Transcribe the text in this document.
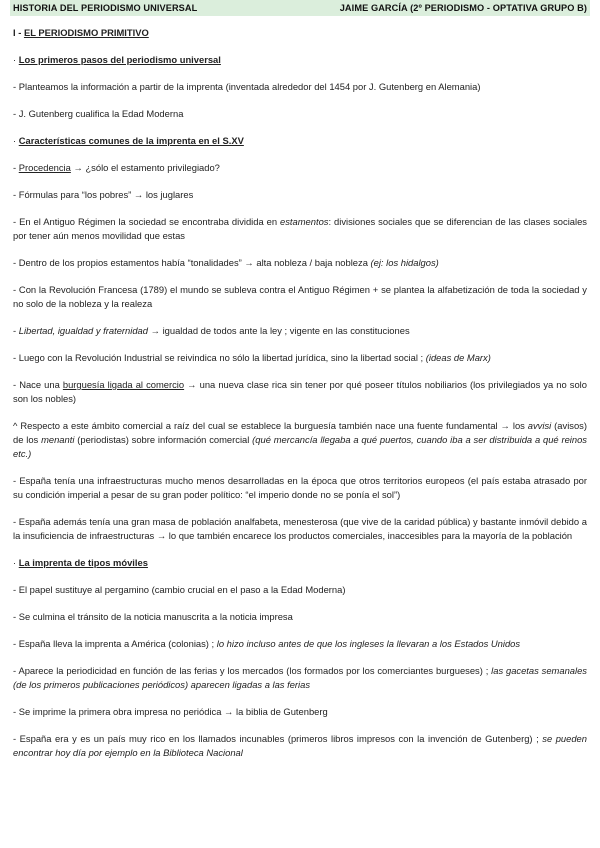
HISTORIA DEL PERIODISMO UNIVERSAL	JAIME GARCÍA (2º PERIODISMO - OPTATIVA GRUPO B)
I - EL PERIODISMO PRIMITIVO
· Los primeros pasos del periodismo universal
- Planteamos la información a partir de la imprenta (inventada alrededor del 1454 por J. Gutenberg en Alemania)
- J. Gutenberg cualifica la Edad Moderna
· Características comunes de la imprenta en el S.XV
- Procedencia → ¿sólo el estamento privilegiado?
- Fórmulas para “los pobres” → los juglares
- En el Antiguo Régimen la sociedad se encontraba dividida en estamentos: divisiones sociales que se diferencian de las clases sociales por tener aún menos movilidad que estas
- Dentro de los propios estamentos había “tonalidades” → alta nobleza / baja nobleza (ej: los hidalgos)
- Con la Revolución Francesa (1789) el mundo se subleva contra el Antiguo Régimen + se plantea la alfabetización de toda la sociedad y no solo de la nobleza y la realeza
- Libertad, igualdad y fraternidad → igualdad de todos ante la ley ; vigente en las constituciones
- Luego con la Revolución Industrial se reivindica no sólo la libertad jurídica, sino la libertad social ; (ideas de Marx)
- Nace una burguesía ligada al comercio → una nueva clase rica sin tener por qué poseer títulos nobiliarios (los privilegiados ya no solo son los nobles)
^ Respecto a este ámbito comercial a raíz del cual se establece la burguesía también nace una fuente fundamental → los avvisi (avisos) de los menanti (periodistas) sobre información comercial (qué mercancía llegaba a qué puertos, cuando iba a ser distribuida a qué reinos etc.)
- España tenía una infraestructuras mucho menos desarrolladas en la época que otros territorios europeos (el país estaba atrasado por su condición imperial a pesar de su gran poder político: “el imperio donde no se ponía el sol”)
- España además tenía una gran masa de población analfabeta, menesterosa (que vive de la caridad pública) y bastante inmóvil debido a la insuficiencia de infraestructuras → lo que también encarece los productos comerciales, inaccesibles para la mayoría de la población
· La imprenta de tipos móviles
- El papel sustituye al pergamino (cambio crucial en el paso a la Edad Moderna)
- Se culmina el tránsito de la noticia manuscrita a la noticia impresa
- España lleva la imprenta a América (colonias) ; lo hizo incluso antes de que los ingleses la llevaran a los Estados Unidos
- Aparece la periodicidad en función de las ferias y los mercados (los formados por los comerciantes burgueses) ; las gacetas semanales (de los primeros publicaciones periódicos) aparecen ligadas a las ferias
- Se imprime la primera obra impresa no periódica → la biblia de Gutenberg
- España era y es un país muy rico en los llamados incunables (primeros libros impresos con la invención de Gutenberg) ; se pueden encontrar hoy día por ejemplo en la Biblioteca Nacional
